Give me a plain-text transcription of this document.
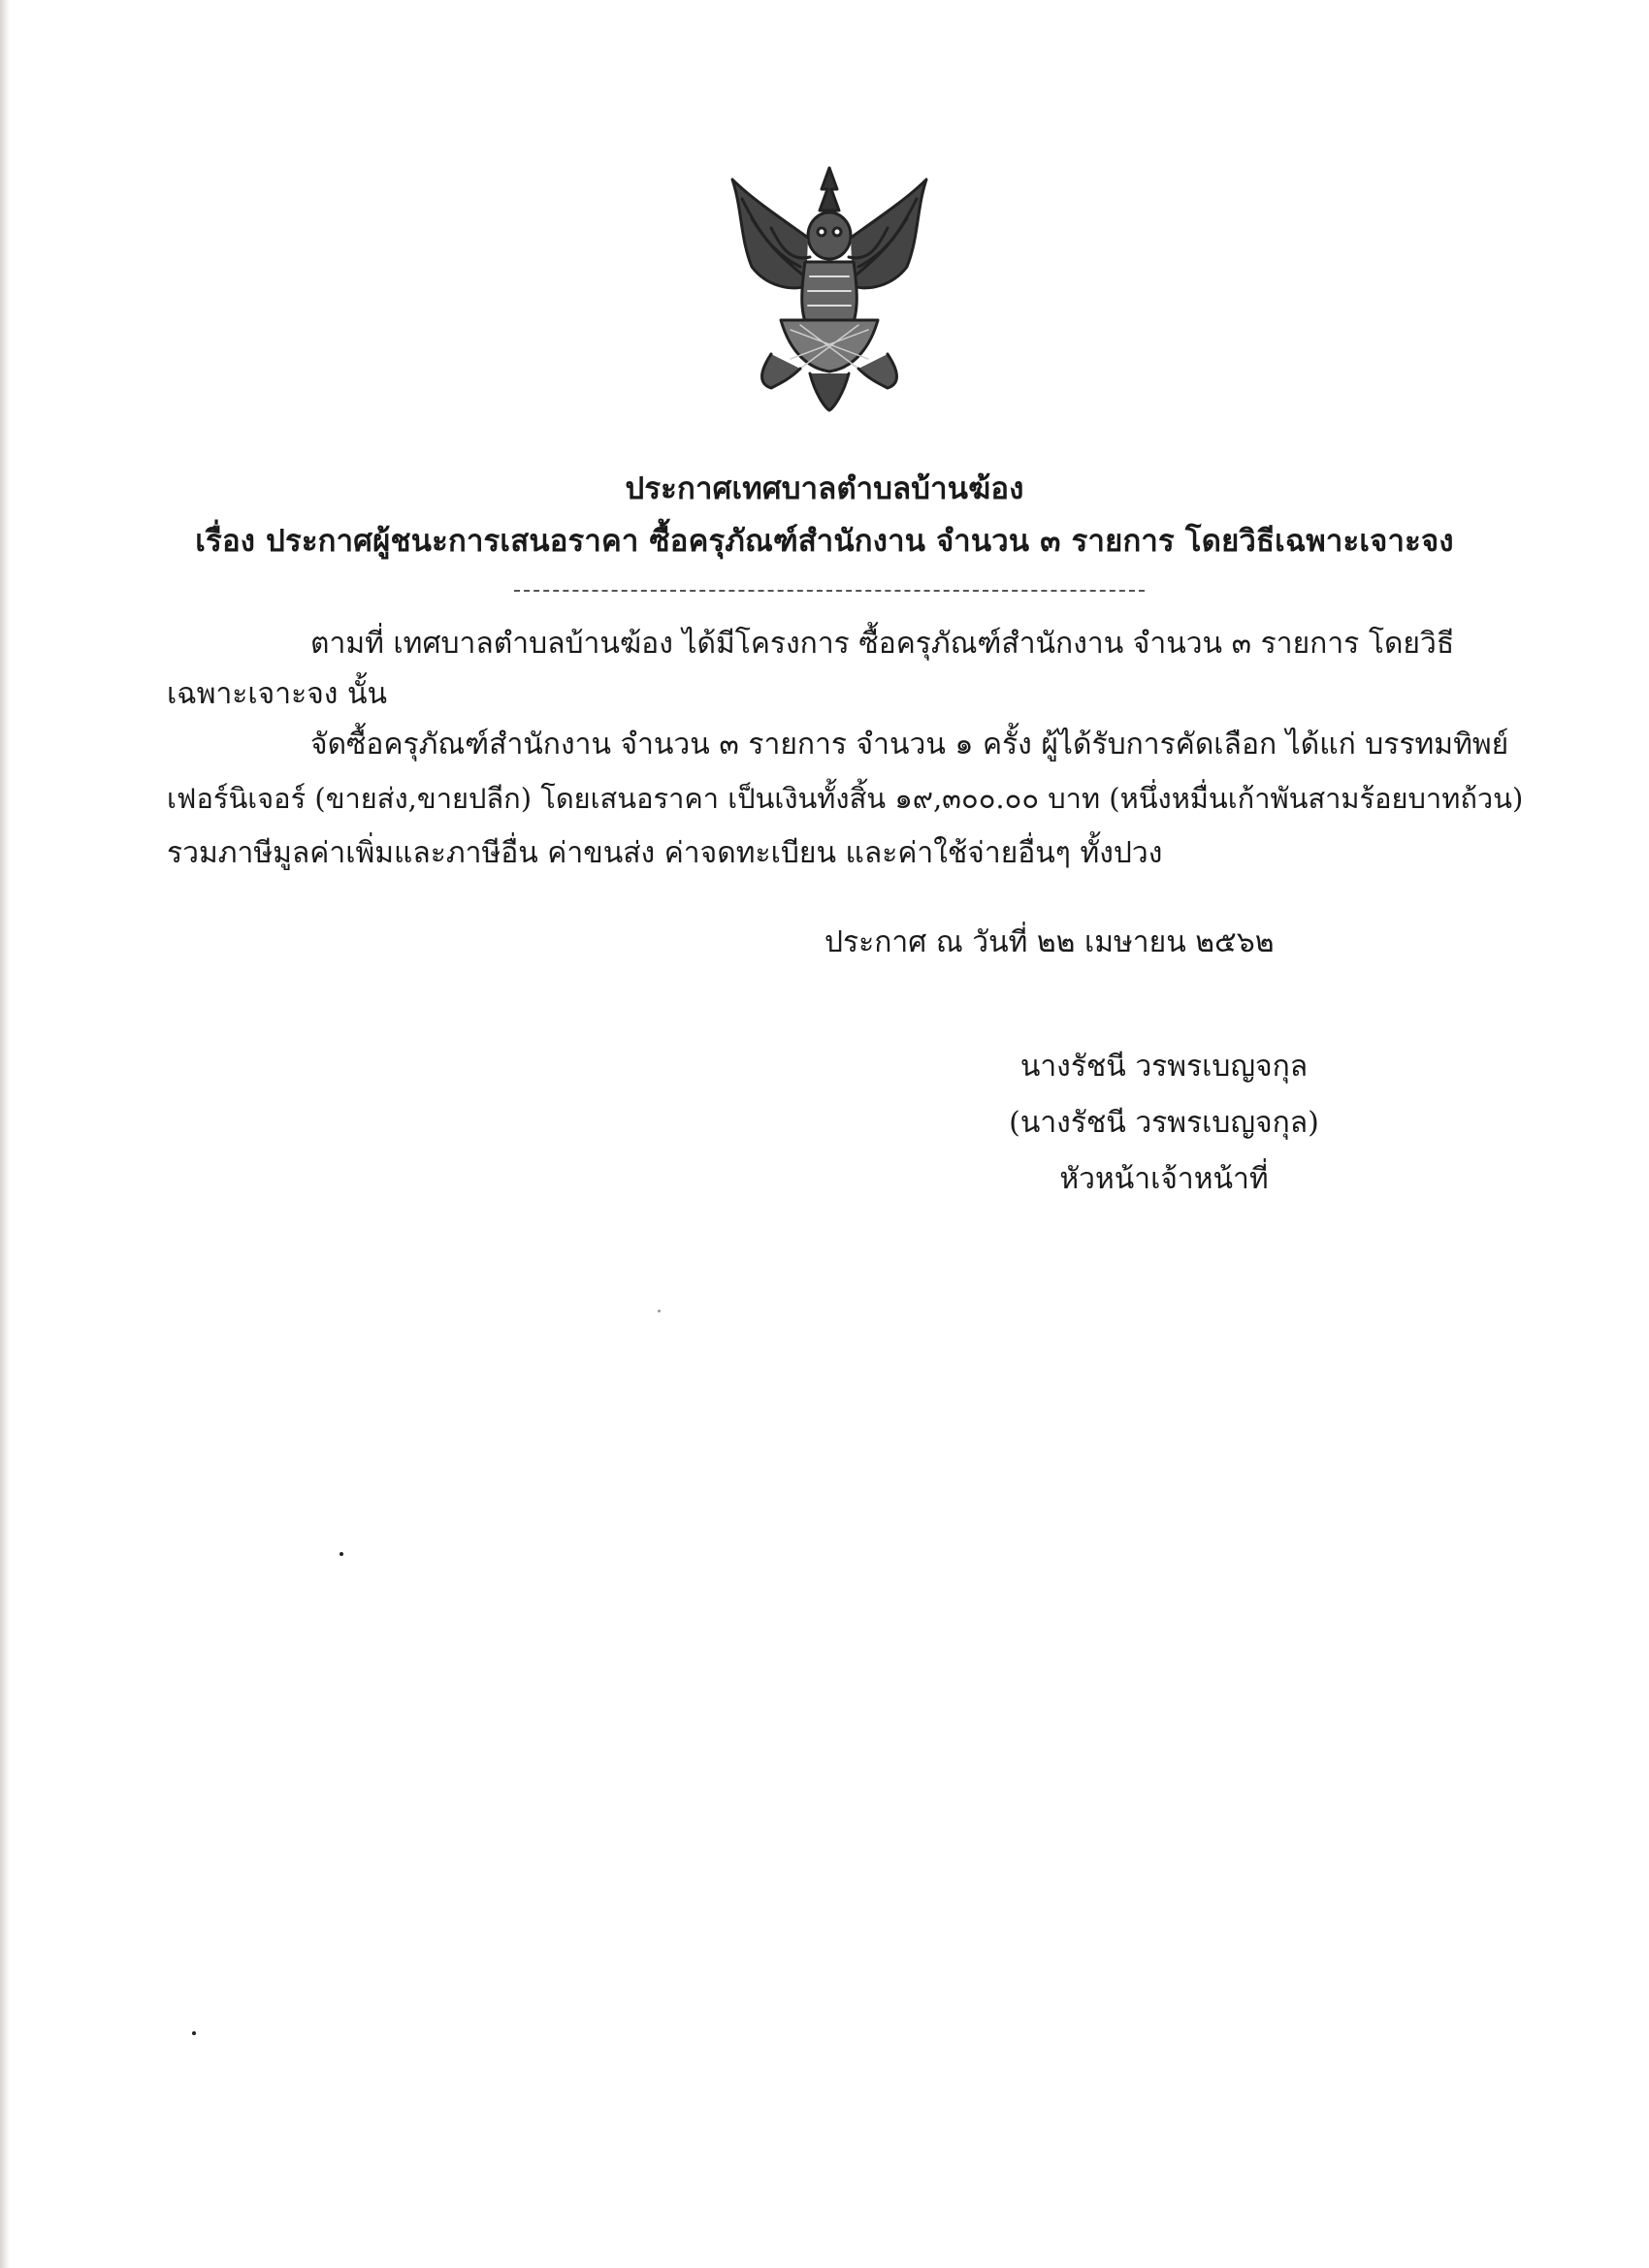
ประกาศเทศบาลตำบลบ้านฆ้อง
เรื่อง ประกาศผู้ชนะการเสนอราคา ซื้อครุภัณฑ์สำนักงาน จำนวน ๓ รายการ โดยวิธีเฉพาะเจาะจง
ตามที่ เทศบาลตำบลบ้านฆ้อง ได้มีโครงการ ซื้อครุภัณฑ์สำนักงาน จำนวน ๓ รายการ โดยวิธี
เฉพาะเจาะจง นั้น
จัดซื้อครุภัณฑ์สำนักงาน จำนวน ๓ รายการ จำนวน ๑ ครั้ง ผู้ได้รับการคัดเลือก ได้แก่ บรรทมทิพย์
เฟอร์นิเจอร์ (ขายส่ง,ขายปลีก) โดยเสนอราคา เป็นเงินทั้งสิ้น ๑๙,๓๐๐.๐๐ บาท (หนึ่งหมื่นเก้าพันสามร้อยบาทถ้วน)
รวมภาษีมูลค่าเพิ่มและภาษีอื่น ค่าขนส่ง ค่าจดทะเบียน และค่าใช้จ่ายอื่นๆ ทั้งปวง
ประกาศ ณ วันที่ ๒๒ เมษายน ๒๕๖๒
นางรัชนี วรพรเบญจกุล
(นางรัชนี วรพรเบญจกุล)
หัวหน้าเจ้าหน้าที่
